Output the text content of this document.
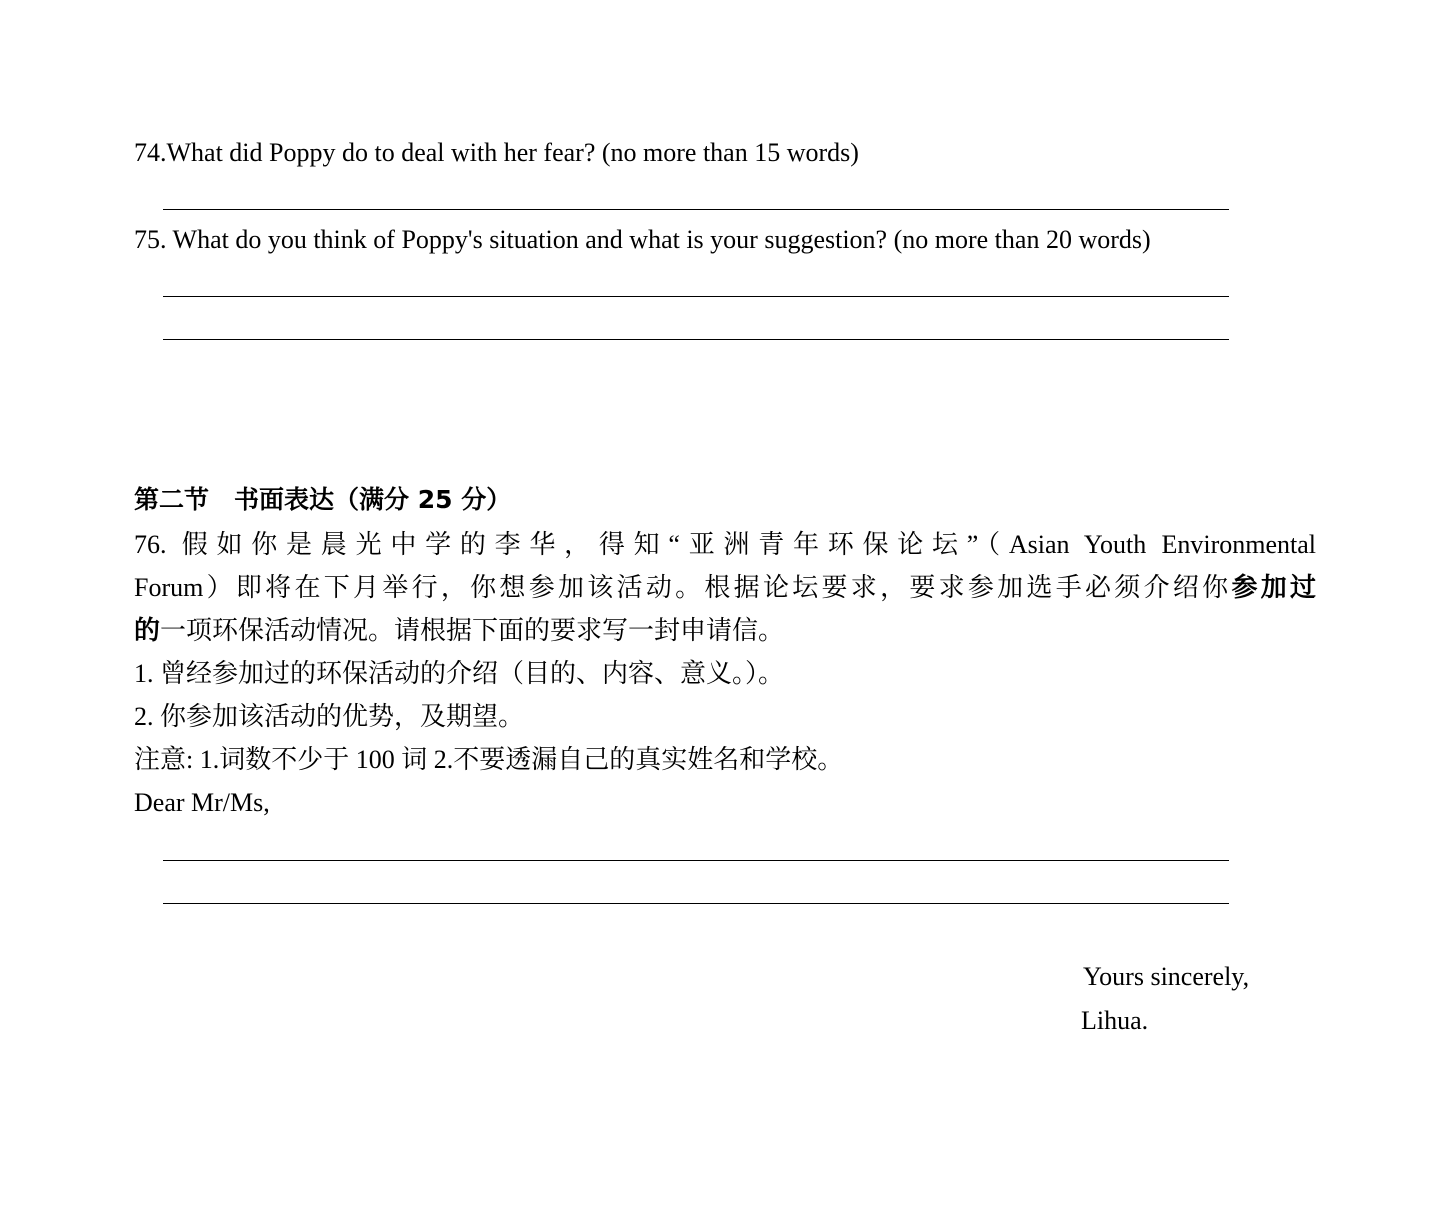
74.What did Poppy do to deal with her fear? (no more than 15 words)
75. What do you think of Poppy's situation and what is your suggestion? (no more than 20 words)
第二节　书面表达（满分 25 分）
76. 假如你是晨光中学的李华，得知“亚洲青年环保论坛”（Asian Youth Environmental
Forum）即将在下月举行，你想参加该活动。根据论坛要求，要求参加选手必须介绍你参加过
的一项环保活动情况。请根据下面的要求写一封申请信。
1. 曾经参加过的环保活动的介绍（目的、内容、意义。）。
2. 你参加该活动的优势，及期望。
注意: 1.词数不少于 100 词 2.不要透漏自己的真实姓名和学校。
Dear Mr/Ms,
Yours sincerely,
Lihua.
